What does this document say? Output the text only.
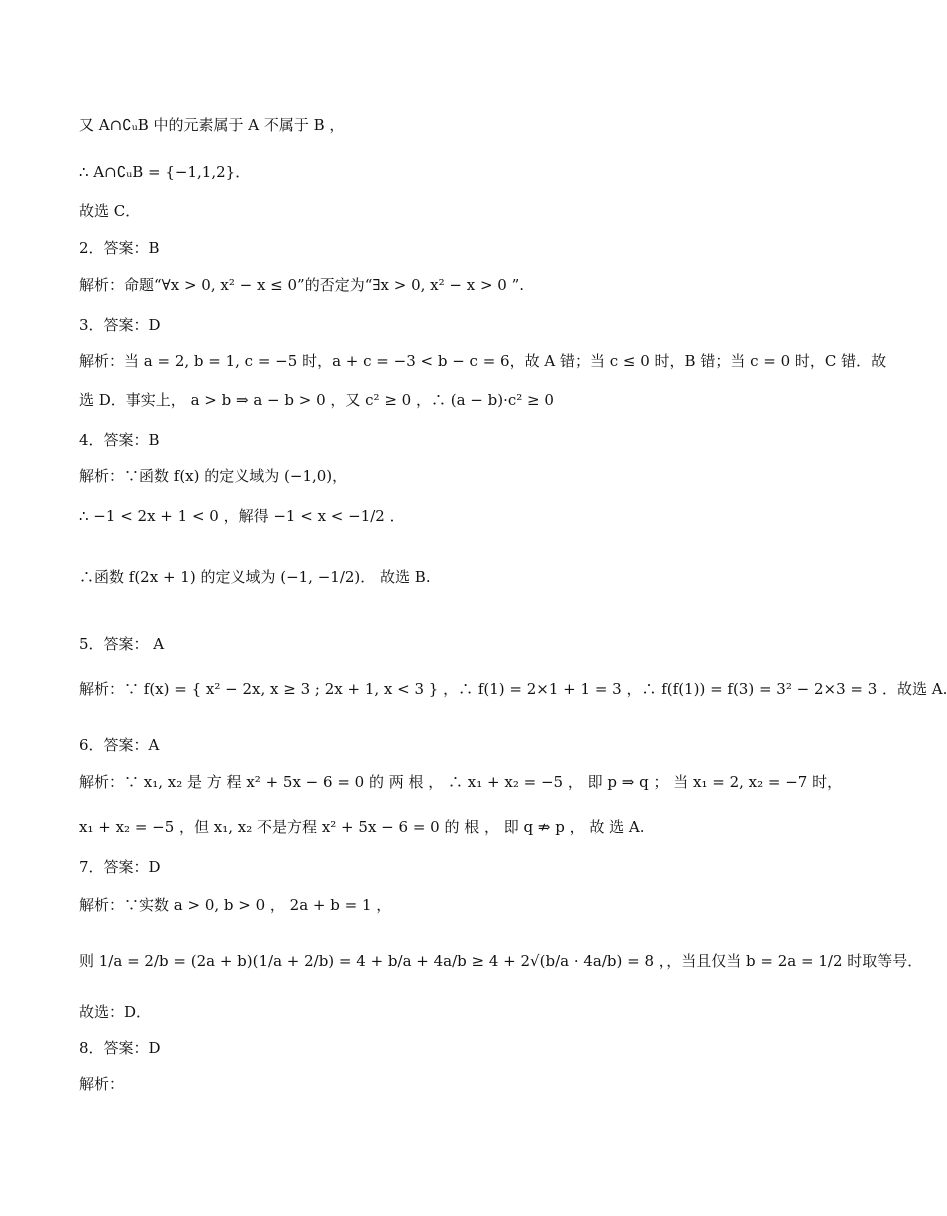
又 A∩∁ᵤB 中的元素属于 A 不属于 B ，
∴ A∩∁ᵤB = {−1,1,2}．
故选 C．
2．答案：B
解析：命题“∀x > 0, x² − x ≤ 0”的否定为“∃x > 0, x² − x > 0 ”.
3．答案：D
解析：当 a = 2, b = 1, c = −5 时，a + c = −3 < b − c = 6，故 A 错；当 c ≤ 0 时，B 错；当 c = 0 时，C 错．故
选 D．事实上， a > b ⇒ a − b > 0 ，又 c² ≥ 0 ，∴ (a − b)·c² ≥ 0
4．答案：B
解析：∵函数 f(x) 的定义域为 (−1,0)，
∴ −1 < 2x + 1 < 0 ，解得 −1 < x < −1/2 ．
∴函数 f(2x + 1) 的定义域为 (−1, −1/2)． 故选 B.
5．答案： A
解析：∵ f(x) = { x² − 2x, x ≥ 3 ; 2x + 1, x < 3 } ，∴ f(1) = 2×1 + 1 = 3 ，∴ f(f(1)) = f(3) = 3² − 2×3 = 3 ．故选 A.
6．答案：A
解析：∵ x₁, x₂ 是 方 程 x² + 5x − 6 = 0 的 两 根 ， ∴ x₁ + x₂ = −5 ， 即 p ⇒ q ； 当 x₁ = 2, x₂ = −7 时，
x₁ + x₂ = −5 ，但 x₁, x₂ 不是方程 x² + 5x − 6 = 0 的 根 ， 即 q ⇏ p ， 故 选 A.
7．答案：D
解析：∵实数 a > 0, b > 0 ， 2a + b = 1 ，
则 1/a = 2/b = (2a + b)(1/a + 2/b) = 4 + b/a + 4a/b ≥ 4 + 2√(b/a · 4a/b) = 8 ，，当且仅当 b = 2a = 1/2 时取等号．
故选：D．
8．答案：D
解析：
